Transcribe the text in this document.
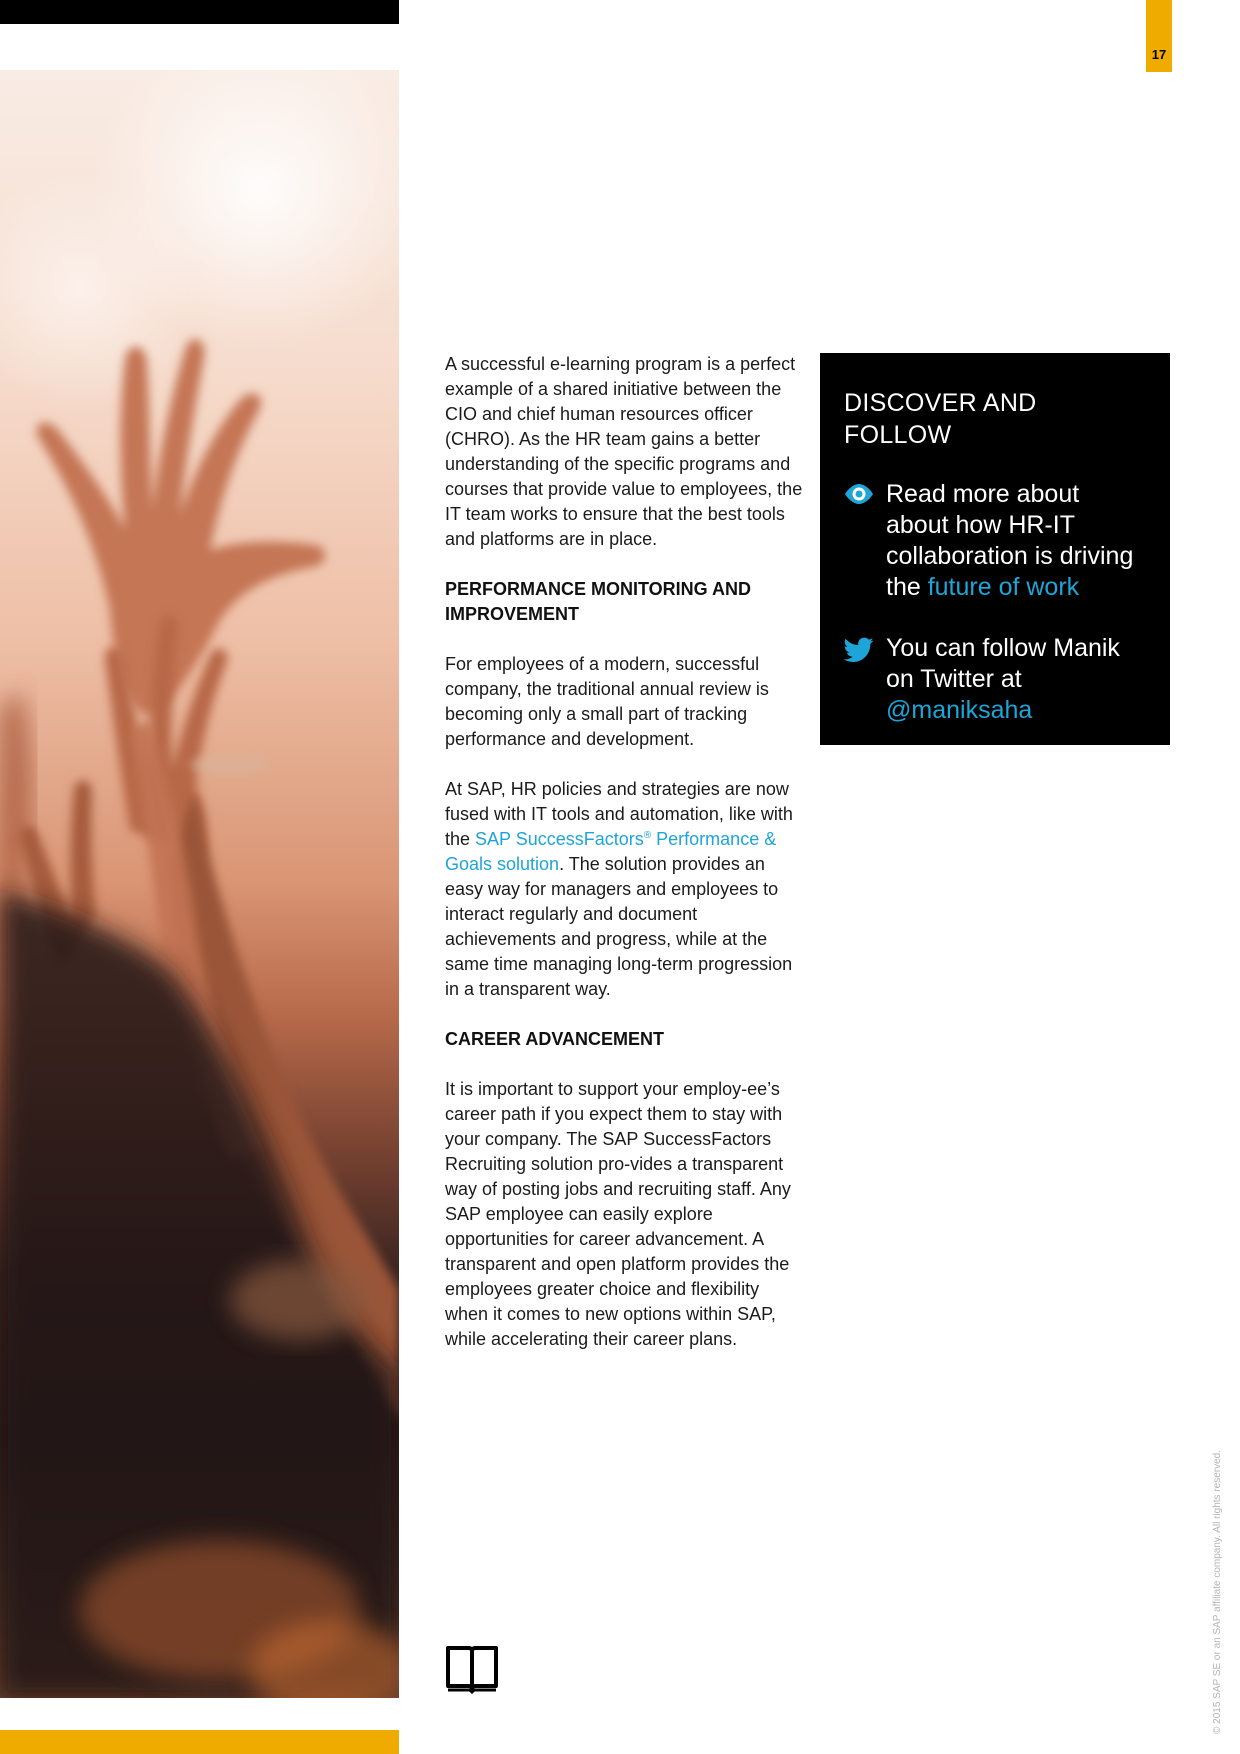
17

A successful e-learning program is a perfect example of a shared initiative between the CIO and chief human resources officer (CHRO). As the HR team gains a better understanding of the specific programs and courses that provide value to employees, the IT team works to ensure that the best tools and platforms are in place.

PERFORMANCE MONITORING AND IMPROVEMENT

For employees of a modern, successful company, the traditional annual review is becoming only a small part of tracking performance and development.

At SAP, HR policies and strategies are now fused with IT tools and automation, like with the SAP SuccessFactors® Performance & Goals solution. The solution provides an easy way for managers and employees to interact regularly and document achievements and progress, while at the same time managing long-term progression in a transparent way.

CAREER ADVANCEMENT

It is important to support your employ-ee’s career path if you expect them to stay with your company. The SAP SuccessFactors Recruiting solution pro-vides a transparent way of posting jobs and recruiting staff. Any SAP employee can easily explore opportunities for career advancement. A transparent and open platform provides the employees greater choice and flexibility when it comes to new options within SAP, while accelerating their career plans.

DISCOVER AND FOLLOW
Read more about about how HR-IT collaboration is driving the future of work
You can follow Manik on Twitter at @maniksaha
© 2015 SAP SE or an SAP affiliate company. All rights reserved.
